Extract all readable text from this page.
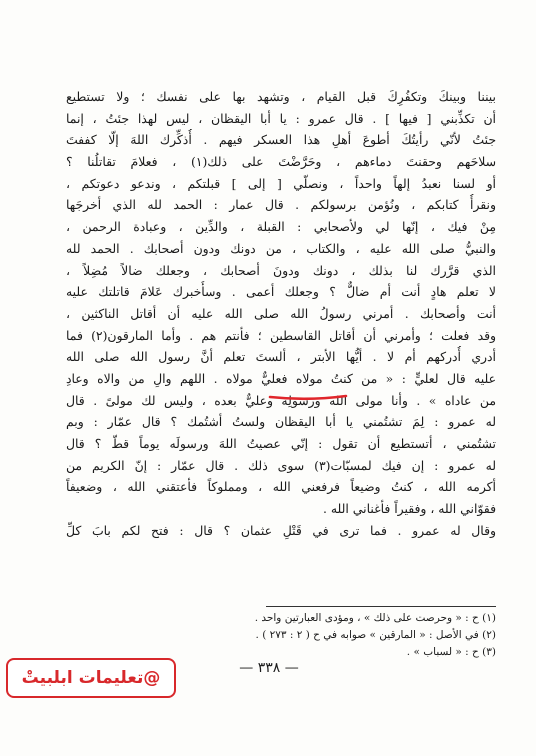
بيننا وبينكَ وتكفُرِكَ قبل القيام ، وتشهد بها على نفسك ؛ ولا تستطيع
أن تكذِّبني [ فيها ] . قال عمرو : يا أبا اليقظان ، ليس لهذا جئتُ ، إنما
جئتُ لأنّي رأيتُكَ أطوعَ أهلِ هذا العسكر فيهم . أُذكِّرك اللهَ إلّا كففتَ
سلاحَهم وحقنتَ دماءهم ، وحَرَّضْتَ على ذلك(١) ، فعلامَ تقاتلُنا ؟
أو لسنا نعبدُ إلهاً واحداً ، ونصلّي [ إلى ] قبلتكم ، وندعو دعوتكم ،
ونقرأُ كتابكم ، ونُؤمن برسولكم . قال عمار : الحمد لله الذي أخرجَها
مِنْ فيك ، إنّها لي ولأصحابي : القبلة ، والدِّين ، وعبادة الرحمن ،
والنبيُّ صلى الله عليه ، والكتاب ، من دونك ودون أصحابك . الحمد لله
الذي قرَّرك لنا بذلك ، دونك ودونَ أصحابك ، وجعلك ضالاً مُضِلاً ،
لا تعلم هادٍ أنت أم ضالٌّ ؟ وجعلك أعمى . وسأُخبرك عَلامَ قاتلتك عليه
أنت وأصحابك . أمرني رسولُ الله صلى الله عليه أن أقاتل الناكثين ،
وقد فعلت ؛ وأمرني أن أقاتل القاسطين ؛ فأنتم هم . وأما المارقون(٢) فما
أدري أُدركهم أم لا . أيُّها الأبتر ، ألستَ تعلم أنَّ رسول الله صلى الله
عليه قال لعليٍّ : « من كنتُ مولاه فعليٌّ مولاه . اللهم والِ من والاه وعادِ
من عاداه » . وأنا مولى الله ورسولِه وعليٌّ بعده ، وليس لك مولىً . قال
له عمرو : لِمَ تشتُمني يا أبا اليقظان ولستُ أشتُمك ؟ قال عمّار : وبم
تشتُمني ، أتستطيع أن تقول : إنّي عصيتُ اللهَ ورسولَه يوماً قطّ ؟ قال
له عمرو : إن فيك لمسبّات(٣) سوى ذلك . قال عمّار : إنّ الكريم من
أكرمه الله ، كنتُ وضيعاً فرفعني الله ، ومملوكاً فأعتقني الله ، وضعيفاً
فقوّاني الله ، وفقيراً فأغناني الله .
وقال له عمرو . فما ترى في قَتْلِ عثمان ؟ قال : فتح لكم بابَ كلِّ
(١) ح : « وحرصت على ذلك » ، ومؤدى العبارتين واحد .
(٢) في الأصل : « المارقين » صوابه في ح ( ٢ : ٢٧٣ ) .
(٣) ح : « لسباب » .
— ٣٣٨ —
@تعليمات ابلبيتْ
